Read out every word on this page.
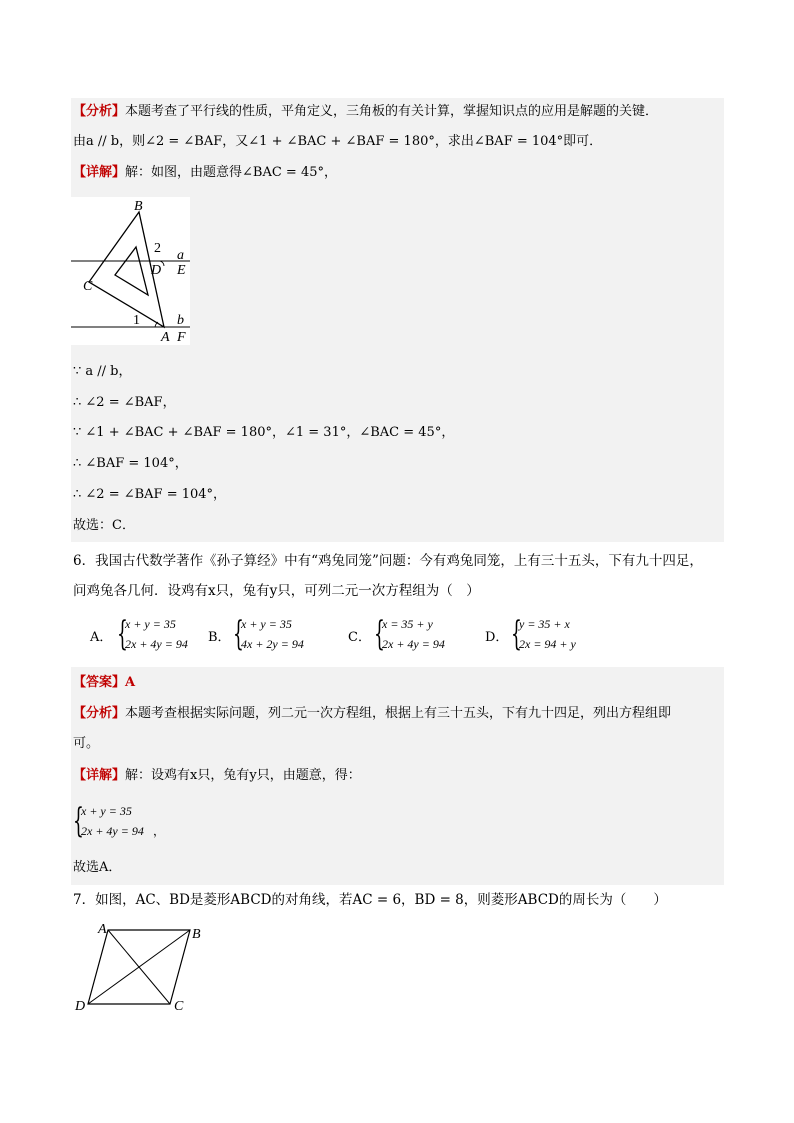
【分析】本题考查了平行线的性质，平角定义，三角板的有关计算，掌握知识点的应用是解题的关键．
由a // b，则∠2 = ∠BAF，又∠1 + ∠BAC + ∠BAF = 180°，求出∠BAF = 104°即可．
【详解】解：如图，由题意得∠BAC = 45°，
B
2 a
D E
C
1	b
A F
∵ a // b，
∴ ∠2 = ∠BAF，
∵ ∠1 + ∠BAC + ∠BAF = 180°，∠1 = 31°，∠BAC = 45°，
∴ ∠BAF = 104°，
∴ ∠2 = ∠BAF = 104°，
故选：C．
6．我国古代数学著作《孙子算经》中有“鸡兔同笼”问题：今有鸡兔同笼，上有三十五头，下有九十四足，
问鸡兔各几何．设鸡有x只，兔有y只，可列二元一次方程组为（　）
A． {
x + y = 35
2x + 4y = 94 B． {
x + y = 35
4x + 2y = 94	C． {
x = 35 + y
2x + 4y = 94	D． {
y = 35 + x
2x = 94 + y
【答案】A
【分析】本题考查根据实际问题，列二元一次方程组，根据上有三十五头，下有九十四足，列出方程组即
可。
【详解】解：设鸡有x只，兔有y只，由题意，得：
{
x + y = 35
2x + 4y = 94 ，
故选A．
7．如图，AC、BD是菱形ABCD的对角线，若AC = 6，BD = 8，则菱形ABCD的周长为（　　）
A	B
C
D
